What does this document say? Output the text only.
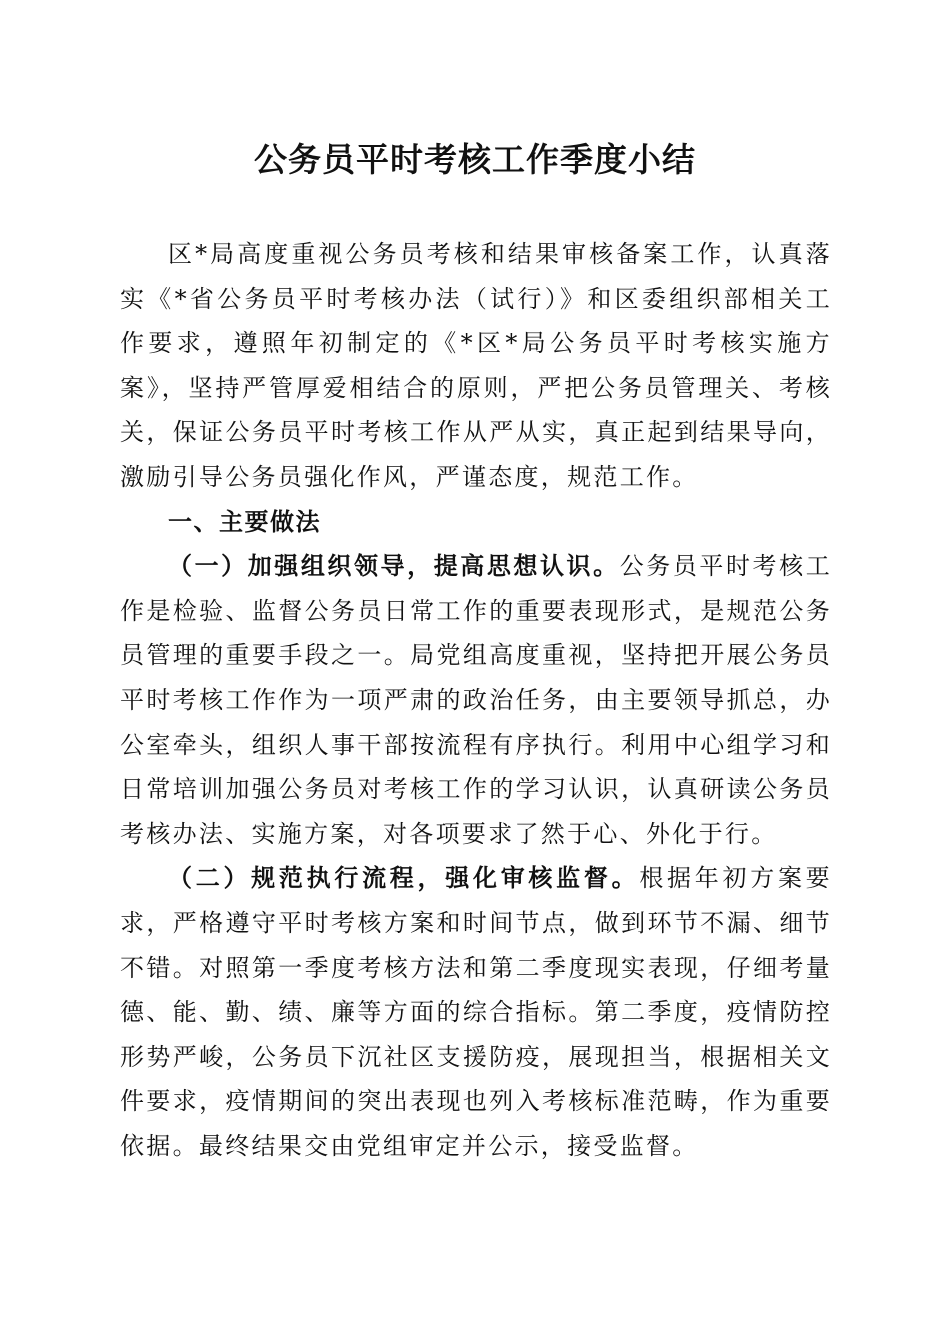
公务员平时考核工作季度小结

区*局高度重视公务员考核和结果审核备案工作，认真落实《*省公务员平时考核办法（试行）》和区委组织部相关工作要求，遵照年初制定的《*区*局公务员平时考核实施方案》，坚持严管厚爱相结合的原则，严把公务员管理关、考核关，保证公务员平时考核工作从严从实，真正起到结果导向，激励引导公务员强化作风，严谨态度，规范工作。

一、主要做法

（一）加强组织领导，提高思想认识。公务员平时考核工作是检验、监督公务员日常工作的重要表现形式，是规范公务员管理的重要手段之一。局党组高度重视，坚持把开展公务员平时考核工作作为一项严肃的政治任务，由主要领导抓总，办公室牵头，组织人事干部按流程有序执行。利用中心组学习和日常培训加强公务员对考核工作的学习认识，认真研读公务员考核办法、实施方案，对各项要求了然于心、外化于行。

（二）规范执行流程，强化审核监督。根据年初方案要求，严格遵守平时考核方案和时间节点，做到环节不漏、细节不错。对照第一季度考核方法和第二季度现实表现，仔细考量德、能、勤、绩、廉等方面的综合指标。第二季度，疫情防控形势严峻，公务员下沉社区支援防疫，展现担当，根据相关文件要求，疫情期间的突出表现也列入考核标准范畴，作为重要依据。最终结果交由党组审定并公示，接受监督。
